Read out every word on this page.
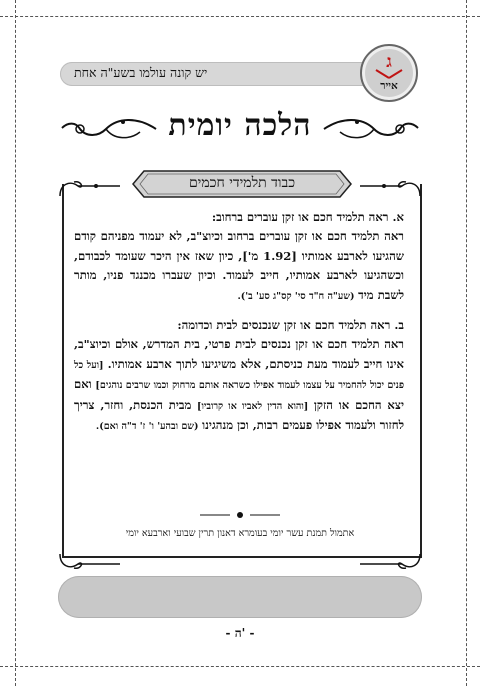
יש קונה עולמו בשע"ה אחת
ג
אייר
הלכה יומית
כבוד תלמידי חכמים

א. ראה תלמיד חכם או זקן עוברים ברחוב:
ראה תלמיד חכם או זקן עוברים ברחוב וכיוצ"ב, לא יעמוד מפניהם קודם שהגיעו לארבע אמותיו [1.92 מ'], כיון שאז אין היכר שעומד לכבודם, וכשהגיעו לארבע אמותיו, חייב לעמוד. וכיון שעברו מכנגד פניו, מותר לשבת מיד (שע"ה ח"ד סי' קס"ג סע' ב').

ב. ראה תלמיד חכם או זקן שנכנסים לבית וכדומה:
ראה תלמיד חכם או זקן נכנסים לבית פרטי, בית המדרש, אולם וכיוצ"ב, אינו חייב לעמוד מעת כניסתם, אלא משיגיעו לתוך ארבע אמותיו. [ועל כל פנים יכול להחמיר על עצמו לעמוד אפילו כשראה אותם מרחוק וכמו שרבים נוהגים] ואם יצא החכם או הזקן [והוא הדין לאביו או קרוביו] מבית הכנסת, וחזר, צריך לחזור ולעמוד אפילו פעמים רבות, וכן מנהגינו (שם ובהע' ו' ז' ד"ה ואם).

אתמול תמנת עשר יומי בעומרא דאנון תרין שבועי וארבעא יומי
- ה' -
